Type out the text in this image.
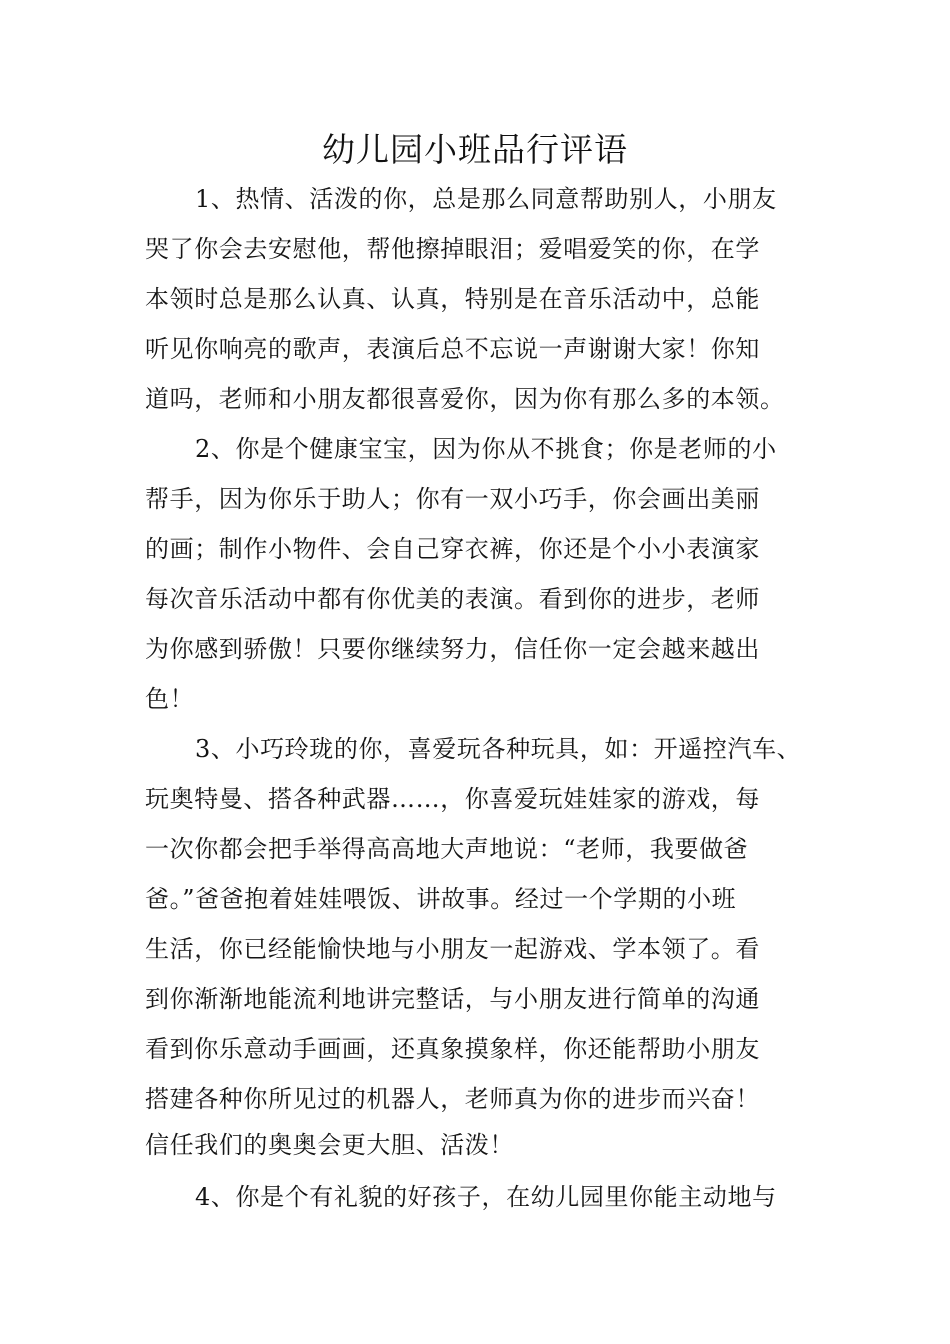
幼儿园小班品行评语
1、热情、活泼的你，总是那么同意帮助别人，小朋友
哭了你会去安慰他，帮他擦掉眼泪；爱唱爱笑的你，在学
本领时总是那么认真、认真，特别是在音乐活动中，总能
听见你响亮的歌声，表演后总不忘说一声谢谢大家！你知
道吗，老师和小朋友都很喜爱你，因为你有那么多的本领。
2、你是个健康宝宝，因为你从不挑食；你是老师的小
帮手，因为你乐于助人；你有一双小巧手，你会画出美丽
的画；制作小物件、会自己穿衣裤，你还是个小小表演家
每次音乐活动中都有你优美的表演。看到你的进步，老师
为你感到骄傲！只要你继续努力，信任你一定会越来越出
色！
3、小巧玲珑的你，喜爱玩各种玩具，如：开遥控汽车、
玩奥特曼、搭各种武器……，你喜爱玩娃娃家的游戏，每
一次你都会把手举得高高地大声地说：“老师，我要做爸
爸。”爸爸抱着娃娃喂饭、讲故事。经过一个学期的小班
生活，你已经能愉快地与小朋友一起游戏、学本领了。看
到你渐渐地能流利地讲完整话，与小朋友进行简单的沟通
看到你乐意动手画画，还真象摸象样，你还能帮助小朋友
搭建各种你所见过的机器人，老师真为你的进步而兴奋！
信任我们的奥奥会更大胆、活泼！
4、你是个有礼貌的好孩子，在幼儿园里你能主动地与
